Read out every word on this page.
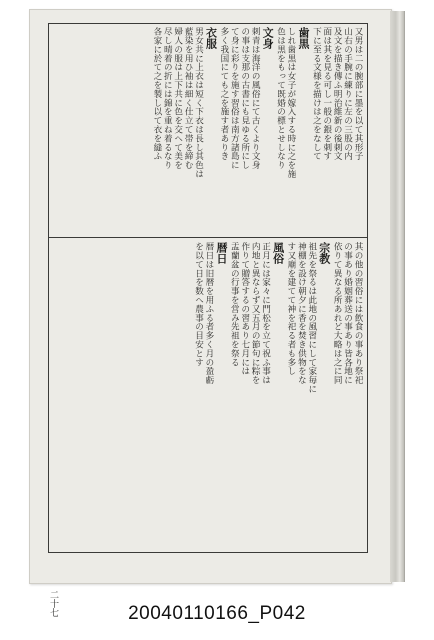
又男は二の腕部に墨を以て其形子
山右の手腕に練りに左の三股の内
及文を描き傳ふ明治維新の後刺文
面は其を見る可し一般の銀を刺す
下に至る文様を描けは之をなして
歯黒
しれ歯黒は女子が嫁入する時に之を施
色は黒をもって既婚の標とせしなり
文身
刺青は海洋の風俗にて古くより文身
の事は支那の古書にも見ゆる所にし
て身に彩りを施す習俗は南方諸島に
多く我国にても之を施す者ありき
衣服
男女共に上衣は短く下衣は長し其色は
藍染を用ひ袖は細く仕立て帯を締む
婦人の服は上下共に色を交へて美を
尽し晴着の折には錦を重ね着るなり
各家に於て之を製し以て衣を縫ふ
其の他の習俗には飲食の事あり祭祀
の事あり婚姻葬送の事あり皆各地に
依りて異なる所あれど大略は之に同
宗教
祖先を祭るは此地の風習にして家毎に
神棚を設け朝夕に香を焚き供物をな
す又廟を建てて神を祀る者も多し
風俗
正月には家々に門松を立て祝ふ事は
内地と異ならず又五月の節句に粽を
作りて贈答するの習あり七月には
盂蘭盆の行事を営み先祖を祭る
暦日
暦日は旧暦を用ふる者多く月の盈虧
を以て日を数へ農事の目安とす
二十七	20040110166_P042
